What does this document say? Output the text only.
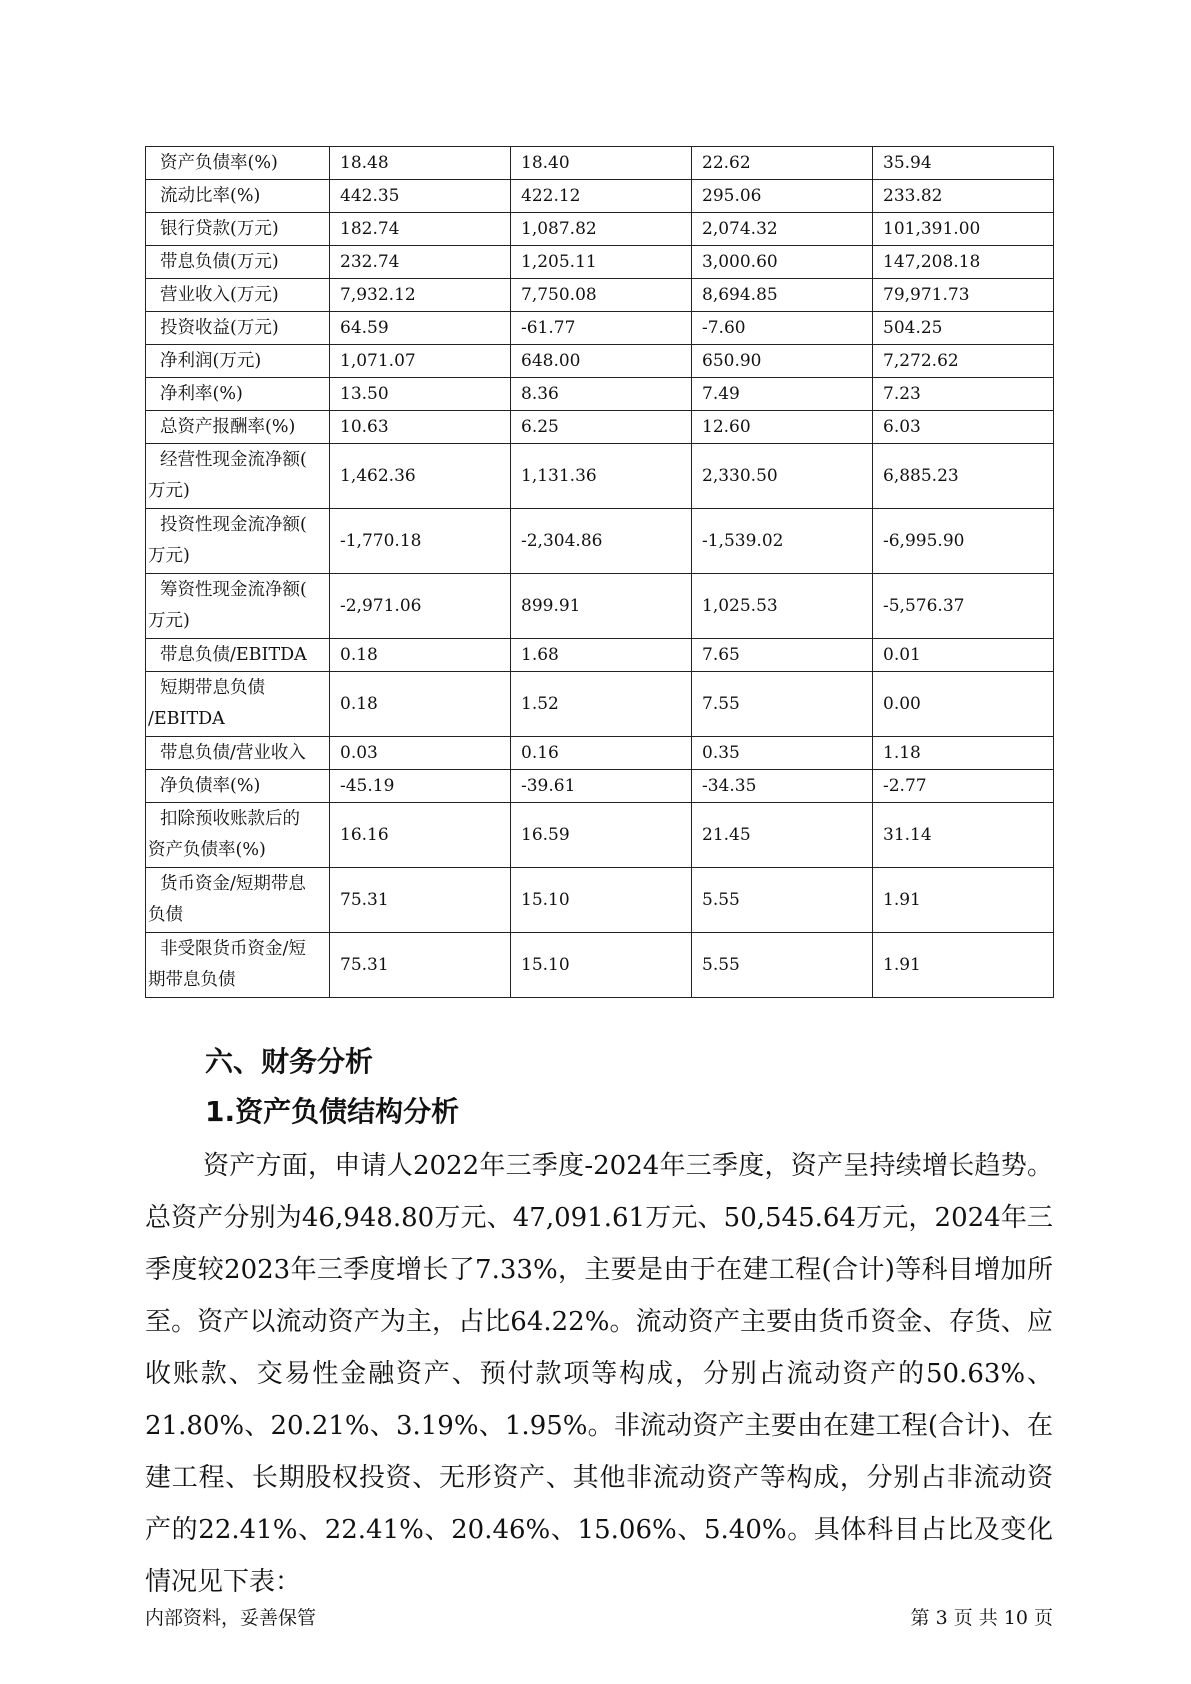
资产负债率(%)	18.48	18.40	22.62	35.94
流动比率(%)	442.35	422.12	295.06	233.82
银行贷款(万元)	182.74	1,087.82	2,074.32	101,391.00
带息负债(万元)	232.74	1,205.11	3,000.60	147,208.18
营业收入(万元)	7,932.12	7,750.08	8,694.85	79,971.73
投资收益(万元)	64.59	-61.77	-7.60	504.25
净利润(万元)	1,071.07	648.00	650.90	7,272.62
净利率(%)	13.50	8.36	7.49	7.23
总资产报酬率(%)	10.63	6.25	12.60	6.03

经营性现金流净额(
万元)	1,462.36	1,131.36	2,330.50	6,885.23

投资性现金流净额(
万元)	-1,770.18	-2,304.86	-1,539.02	-6,995.90

筹资性现金流净额(
万元)	-2,971.06	899.91	1,025.53	-5,576.37
带息负债/EBITDA	0.18	1.68	7.65	0.01

短期带息负债
/EBITDA	0.18	1.52	7.55	0.00
带息负债/营业收入	0.03	0.16	0.35	1.18
净负债率(%)	-45.19	-39.61	-34.35	-2.77

扣除预收账款后的
资产负债率(%)	16.16	16.59	21.45	31.14

货币资金/短期带息
负债	75.31	15.10	5.55	1.91

非受限货币资金/短
期带息负债	75.31	15.10	5.55	1.91
六、财务分析
1.资产负债结构分析

资产方面，申请人2022年三季度-2024年三季度，资产呈持续增长趋势。总资产分别为46,948.80万元、47,091.61万元、50,545.64万元，2024年三季度较2023年三季度增长了7.33%，主要是由于在建工程(合计)等科目增加所至。资产以流动资产为主，占比64.22%。流动资产主要由货币资金、存货、应收账款、交易性金融资产、预付款项等构成，分别占流动资产的50.63%、21.80%、20.21%、3.19%、1.95%。非流动资产主要由在建工程(合计)、在建工程、长期股权投资、无形资产、其他非流动资产等构成，分别占非流动资产的22.41%、22.41%、20.46%、15.06%、5.40%。具体科目占比及变化情况见下表：

内部资料，妥善保管	第 3 页 共 10 页
